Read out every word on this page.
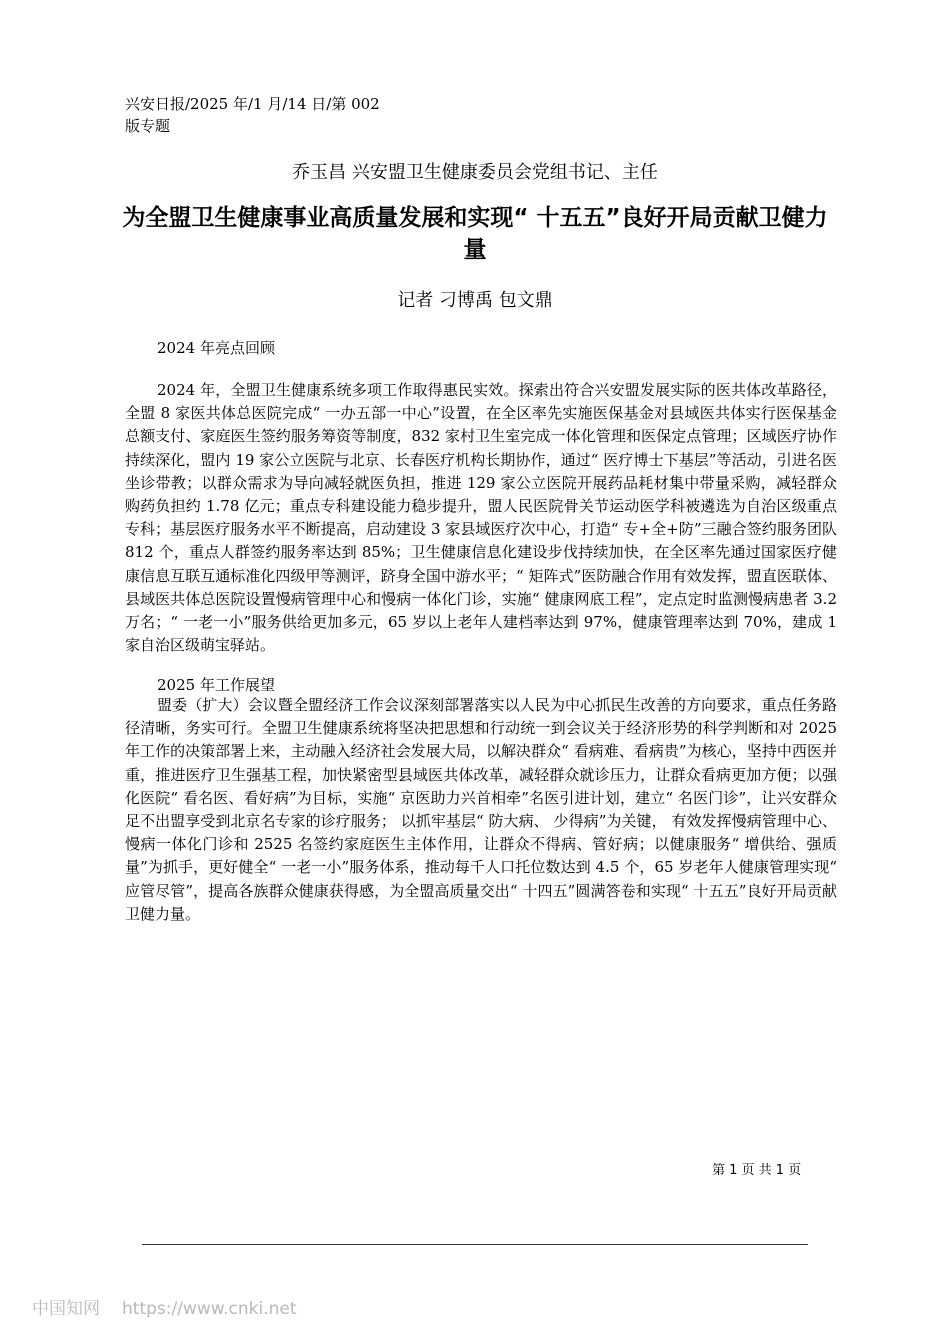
兴安日报/2025 年/1 月/14 日/第 002 版专题
乔玉昌 兴安盟卫生健康委员会党组书记、主任
为全盟卫生健康事业高质量发展和实现“ 十五五”良好开局贡献卫健力量
记者 刁博禹 包文鼎
2024 年亮点回顾

2024 年，全盟卫生健康系统多项工作取得惠民实效。探索出符合兴安盟发展实际的医共体改革路径，全盟 8 家医共体总医院完成“ 一办五部一中心”设置，在全区率先实施医保基金对县域医共体实行医保基金总额支付、家庭医生签约服务筹资等制度，832 家村卫生室完成一体化管理和医保定点管理；区域医疗协作持续深化，盟内 19 家公立医院与北京、长春医疗机构长期协作，通过“ 医疗博士下基层”等活动，引进名医坐诊带教；以群众需求为导向减轻就医负担，推进 129 家公立医院开展药品耗材集中带量采购，减轻群众购药负担约 1.78 亿元；重点专科建设能力稳步提升，盟人民医院骨关节运动医学科被遴选为自治区级重点专科；基层医疗服务水平不断提高，启动建设 3 家县域医疗次中心，打造“ 专+全+防”三融合签约服务团队 812 个，重点人群签约服务率达到 85%；卫生健康信息化建设步伐持续加快，在全区率先通过国家医疗健康信息互联互通标准化四级甲等测评，跻身全国中游水平；“ 矩阵式”医防融合作用有效发挥，盟直医联体、县域医共体总医院设置慢病管理中心和慢病一体化门诊，实施“ 健康网底工程”，定点定时监测慢病患者 3.2 万名；“ 一老一小”服务供给更加多元，65 岁以上老年人建档率达到 97%，健康管理率达到 70%，建成 1 家自治区级萌宝驿站。

2025 年工作展望

盟委（扩大）会议暨全盟经济工作会议深刻部署落实以人民为中心抓民生改善的方向要求，重点任务路径清晰，务实可行。全盟卫生健康系统将坚决把思想和行动统一到会议关于经济形势的科学判断和对 2025 年工作的决策部署上来，主动融入经济社会发展大局，以解决群众“ 看病难、看病贵”为核心，坚持中西医并重，推进医疗卫生强基工程，加快紧密型县域医共体改革，减轻群众就诊压力，让群众看病更加方便；以强化医院“ 看名医、看好病”为目标，实施“ 京医助力兴首相牵”名医引进计划，建立“ 名医门诊”，让兴安群众足不出盟享受到北京名专家的诊疗服务； 以抓牢基层“ 防大病、 少得病”为关键， 有效发挥慢病管理中心、 慢病一体化门诊和 2525 名签约家庭医生主体作用，让群众不得病、管好病；以健康服务“ 增供给、强质量”为抓手，更好健全“ 一老一小”服务体系，推动每千人口托位数达到 4.5 个，65 岁老年人健康管理实现“ 应管尽管”，提高各族群众健康获得感，为全盟高质量交出“ 十四五”圆满答卷和实现“ 十五五”良好开局贡献卫健力量。

第 1 页 共 1 页
中国知网 https://www.cnki.net
